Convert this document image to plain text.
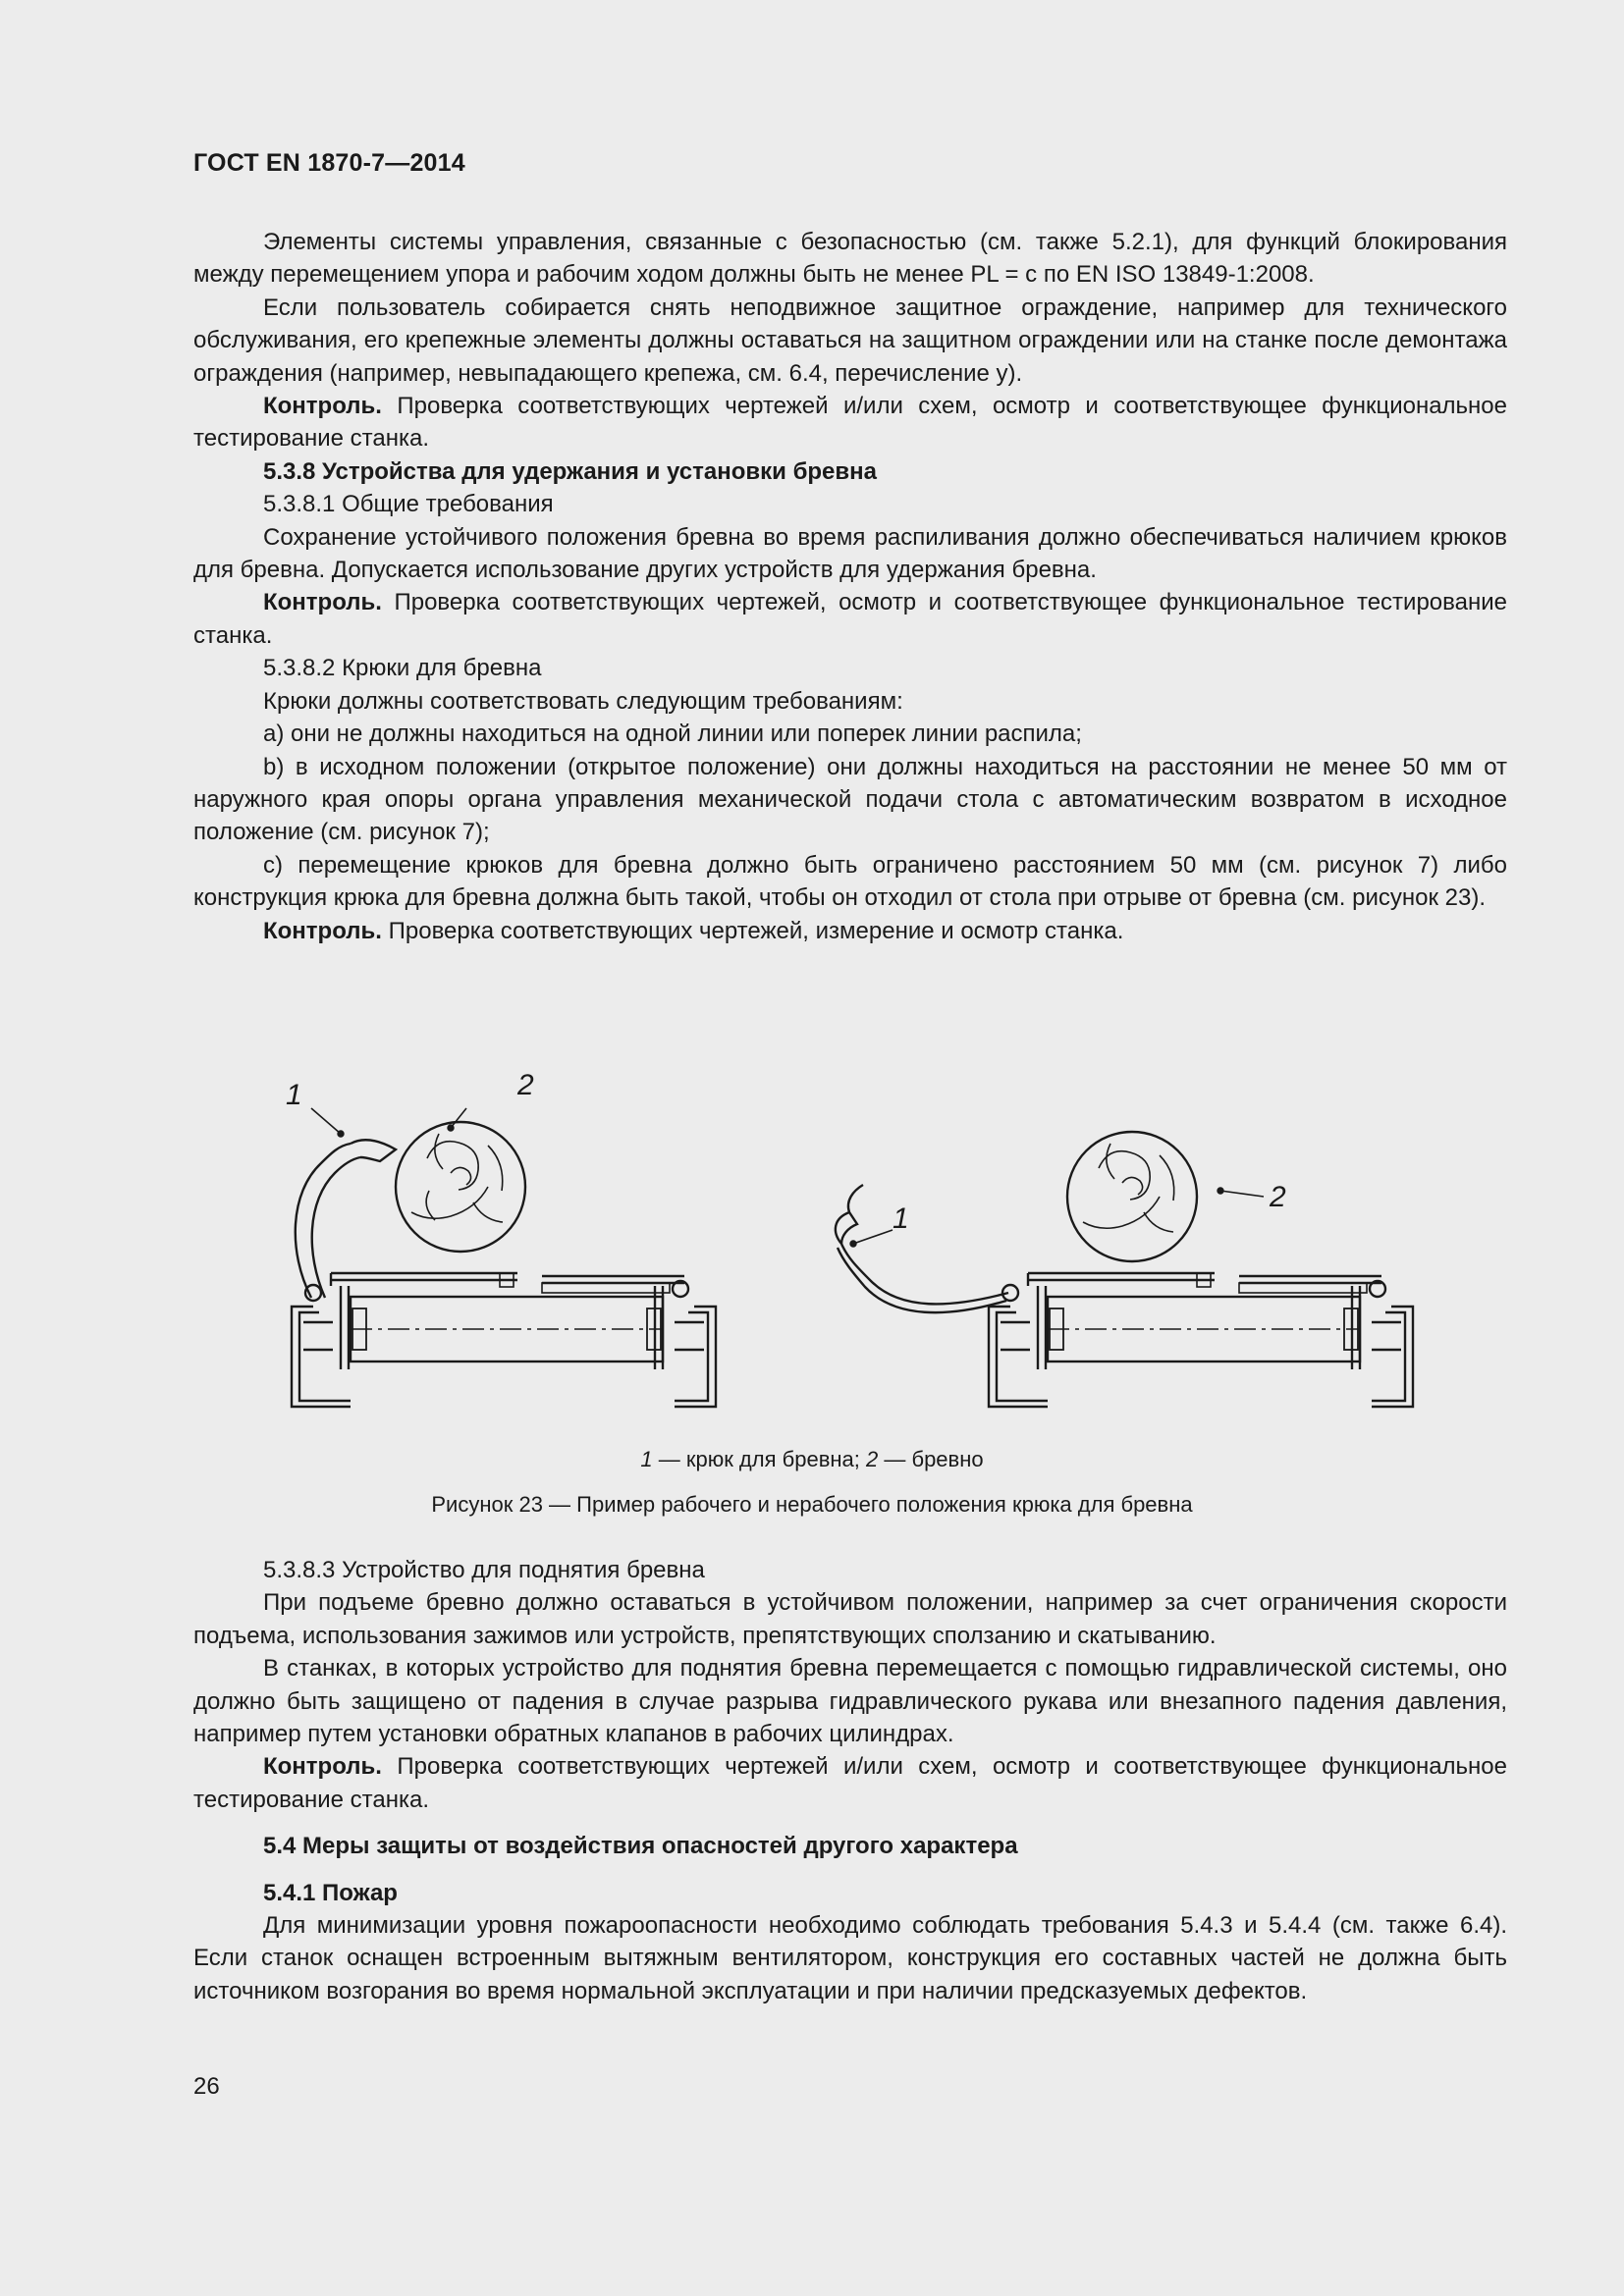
ГОСТ EN 1870-7—2014

Элементы системы управления, связанные с безопасностью (см. также 5.2.1), для функций блокирования между перемещением упора и рабочим ходом должны быть не менее PL = c по EN ISO 13849-1:2008.

Если пользователь собирается снять неподвижное защитное ограждение, например для технического обслуживания, его крепежные элементы должны оставаться на защитном ограждении или на станке после демонтажа ограждения (например, невыпадающего крепежа, см. 6.4, перечисление y).

Контроль. Проверка соответствующих чертежей и/или схем, осмотр и соответствующее функциональное тестирование станка.

5.3.8 Устройства для удержания и установки бревна

5.3.8.1 Общие требования

Сохранение устойчивого положения бревна во время распиливания должно обеспечиваться наличием крюков для бревна. Допускается использование других устройств для удержания бревна.

Контроль. Проверка соответствующих чертежей, осмотр и соответствующее функциональное тестирование станка.

5.3.8.2 Крюки для бревна

Крюки должны соответствовать следующим требованиям:

a) они не должны находиться на одной линии или поперек линии распила;

b) в исходном положении (открытое положение) они должны находиться на расстоянии не менее 50 мм от наружного края опоры органа управления механической подачи стола с автоматическим возвратом в исходное положение (см. рисунок 7);

c) перемещение крюков для бревна должно быть ограничено расстоянием 50 мм (см. рисунок 7) либо конструкция крюка для бревна должна быть такой, чтобы он отходил от стола при отрыве от бревна (см. рисунок 23).

Контроль. Проверка соответствующих чертежей, измерение и осмотр станка.

1	2
1
2
1 — крюк для бревна; 2 — бревно
Рисунок 23 — Пример рабочего и нерабочего положения крюка для бревна

5.3.8.3 Устройство для поднятия бревна

При подъеме бревно должно оставаться в устойчивом положении, например за счет ограничения скорости подъема, использования зажимов или устройств, препятствующих сползанию и скатыванию.

В станках, в которых устройство для поднятия бревна перемещается с помощью гидравлической системы, оно должно быть защищено от падения в случае разрыва гидравлического рукава или внезапного падения давления, например путем установки обратных клапанов в рабочих цилиндрах.

Контроль. Проверка соответствующих чертежей и/или схем, осмотр и соответствующее функциональное тестирование станка.

5.4 Меры защиты от воздействия опасностей другого характера

5.4.1 Пожар

Для минимизации уровня пожароопасности необходимо соблюдать требования 5.4.3 и 5.4.4 (см. также 6.4). Если станок оснащен встроенным вытяжным вентилятором, конструкция его составных частей не должна быть источником возгорания во время нормальной эксплуатации и при наличии предсказуемых дефектов.

26
